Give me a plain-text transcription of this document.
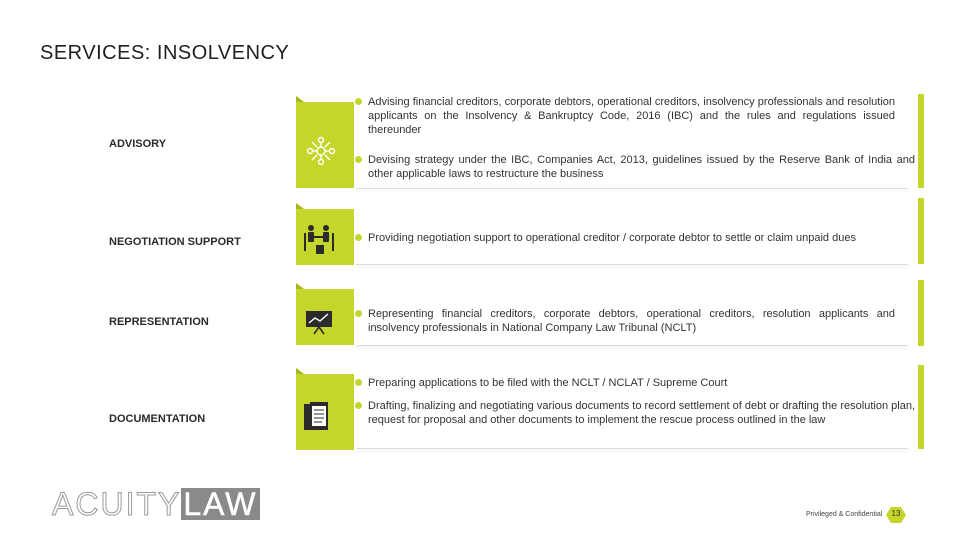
SERVICES: INSOLVENCY
ADVISORY
NEGOTIATION SUPPORT
REPRESENTATION
DOCUMENTATION
Advising financial creditors, corporate debtors, operational creditors, insolvency professionals and resolution applicants on the Insolvency & Bankruptcy Code, 2016 (IBC) and the rules and regulations issued thereunder
Devising strategy under the IBC, Companies Act, 2013, guidelines issued by the Reserve Bank of India and other applicable laws to restructure the business
Providing negotiation support to operational creditor / corporate debtor to settle or claim unpaid dues
Representing financial creditors, corporate debtors, operational creditors, resolution applicants and insolvency professionals in National Company Law Tribunal (NCLT)
Preparing applications to be filed with the NCLT / NCLAT / Supreme Court
Drafting, finalizing and negotiating various documents to record settlement of debt or drafting the resolution plan, request for proposal and other documents to implement the rescue process outlined in the law
ACUITY LAW	Privileged & Confidential	13
